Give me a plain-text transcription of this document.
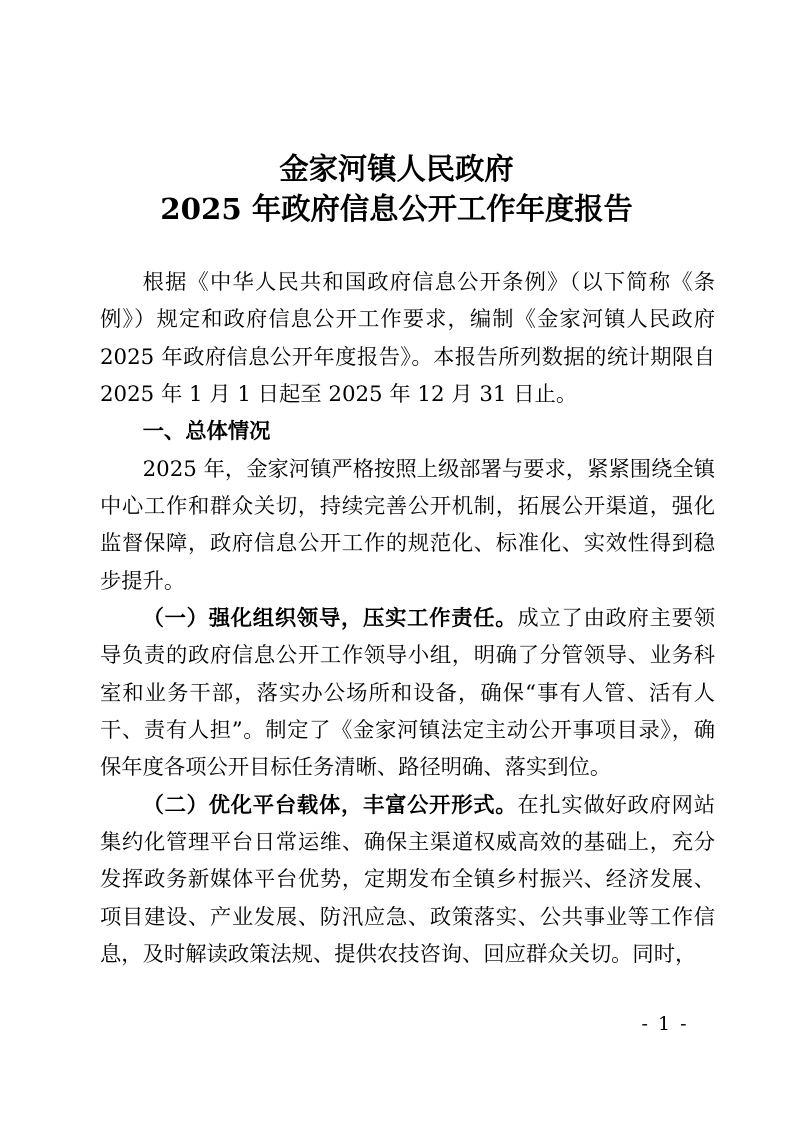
金家河镇人民政府
2025 年政府信息公开工作年度报告

根据《中华人民共和国政府信息公开条例》（以下简称《条例》）规定和政府信息公开工作要求，编制《金家河镇人民政府 2025 年政府信息公开年度报告》。本报告所列数据的统计期限自 2025 年 1 月 1 日起至 2025 年 12 月 31 日止。

一、总体情况

2025 年，金家河镇严格按照上级部署与要求，紧紧围绕全镇中心工作和群众关切，持续完善公开机制，拓展公开渠道，强化监督保障，政府信息公开工作的规范化、标准化、实效性得到稳步提升。

（一）强化组织领导，压实工作责任。成立了由政府主要领导负责的政府信息公开工作领导小组，明确了分管领导、业务科室和业务干部，落实办公场所和设备，确保“事有人管、活有人干、责有人担”。制定了《金家河镇法定主动公开事项目录》，确保年度各项公开目标任务清晰、路径明确、落实到位。

（二）优化平台载体，丰富公开形式。在扎实做好政府网站集约化管理平台日常运维、确保主渠道权威高效的基础上，充分发挥政务新媒体平台优势，定期发布全镇乡村振兴、经济发展、项目建设、产业发展、防汛应急、政策落实、公共事业等工作信息，及时解读政策法规、提供农技咨询、回应群众关切。同时，

- 1 -
